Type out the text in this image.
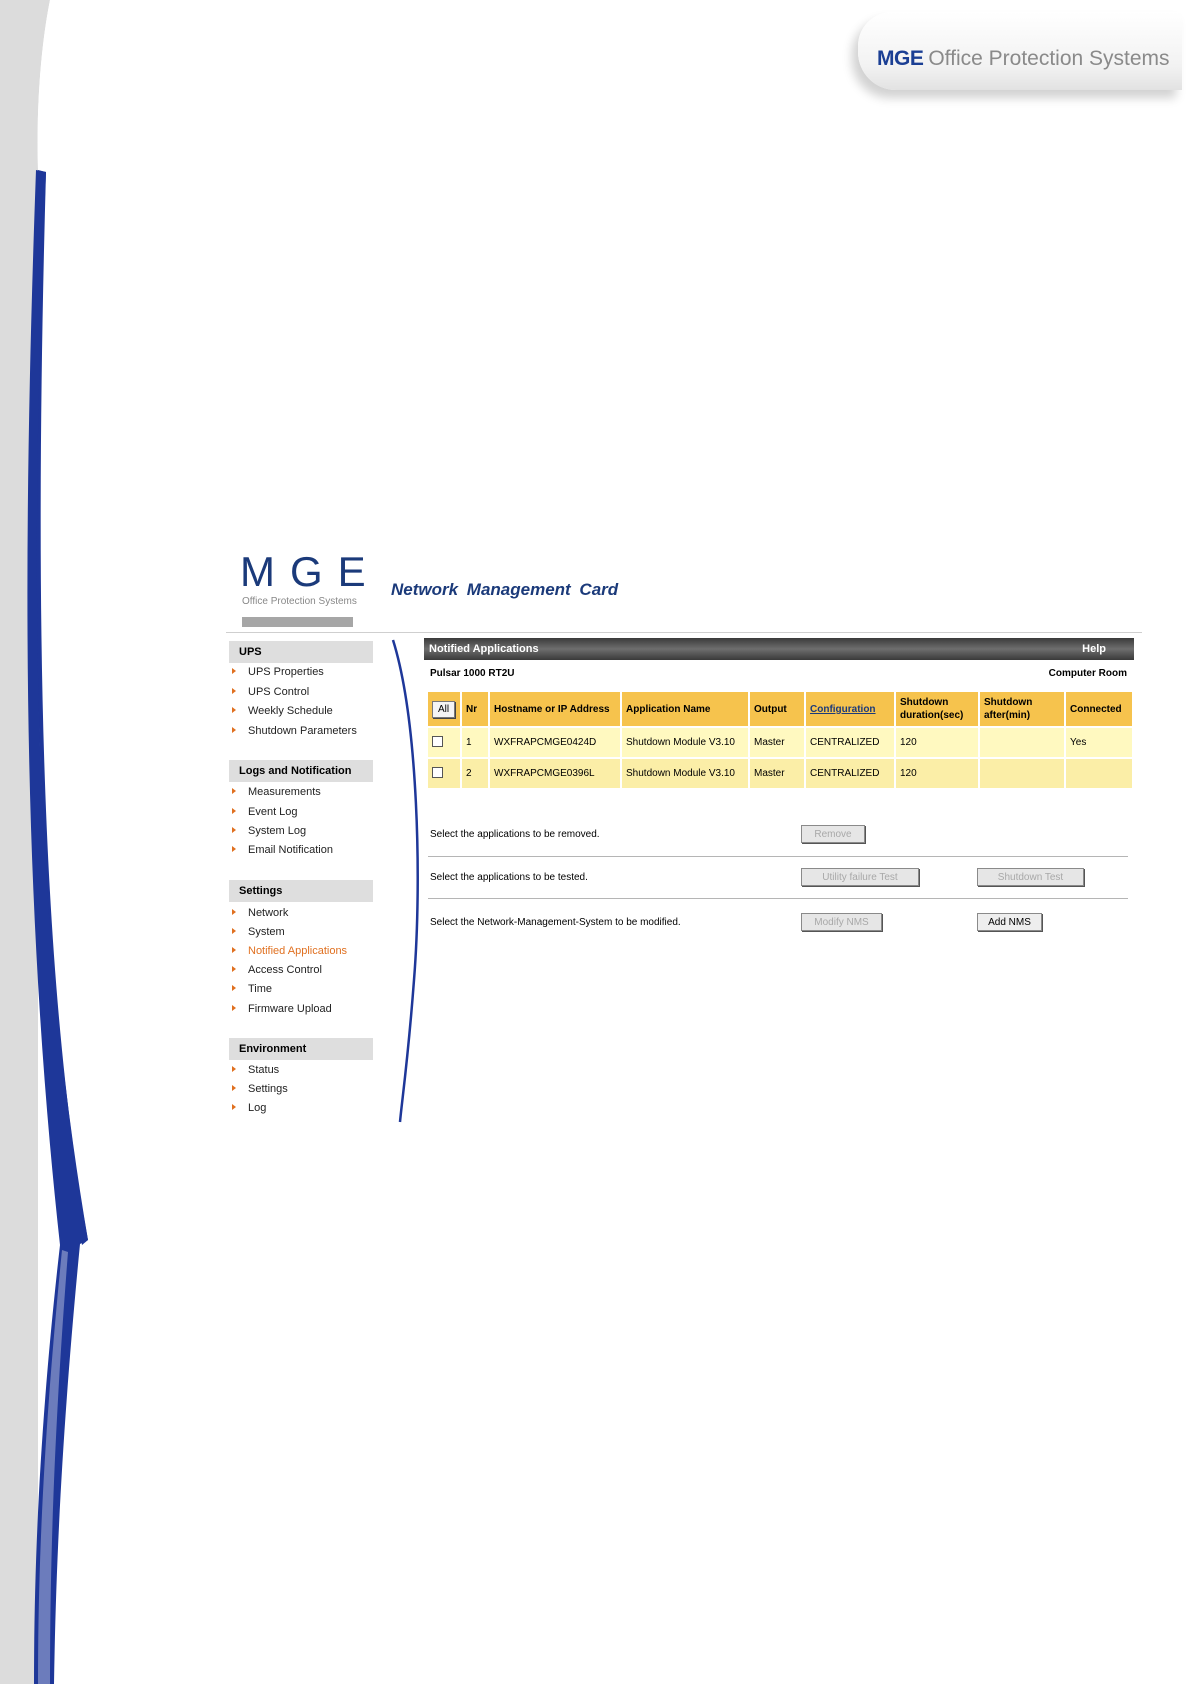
MGE Office Protection Systems
MGE
Office Protection Systems
Network Management Card
UPS
UPS Properties
UPS Control
Weekly Schedule
Shutdown Parameters
Logs and Notification
Measurements
Event Log
System Log
Email Notification
Settings
Network
System
Notified Applications
Access Control
Time
Firmware Upload
Environment
Status
Settings
Log
Notified Applications	Help
Pulsar 1000 RT2U	Computer Room
All	Nr	Hostname or IP Address	Application Name	Output	Configuration	Shutdown duration(sec)	Shutdown after(min)	Connected
	1	WXFRAPCMGE0424D	Shutdown Module V3.10	Master	CENTRALIZED	120		Yes
	2	WXFRAPCMGE0396L	Shutdown Module V3.10	Master	CENTRALIZED	120		
Select the applications to be removed.	Remove
Select the applications to be tested.	Utility failure Test	Shutdown Test
Select the Network-Management-System to be modified.	Modify NMS	Add NMS
